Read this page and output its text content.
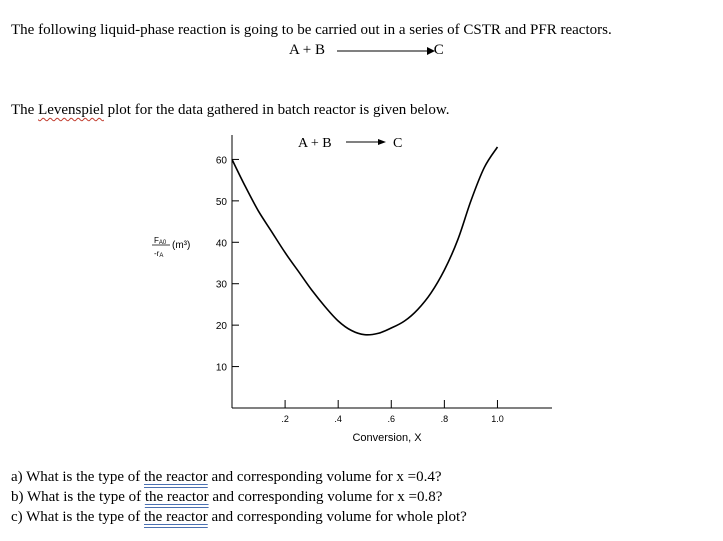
The following liquid-phase reaction is going to be carried out in a series of CSTR and PFR reactors.
A + B	C
The Levenspiel plot for the data gathered in batch reactor is given below.
A + B	C
10
20
30
40
50
60
.2	.4	.6	.8	1.0
Conversion, X
FA0
-rA
(m³)
a) What is the type of the reactor and corresponding volume for x =0.4?
b) What is the type of the reactor and corresponding volume for x =0.8?
c) What is the type of the reactor and corresponding volume for whole plot?
